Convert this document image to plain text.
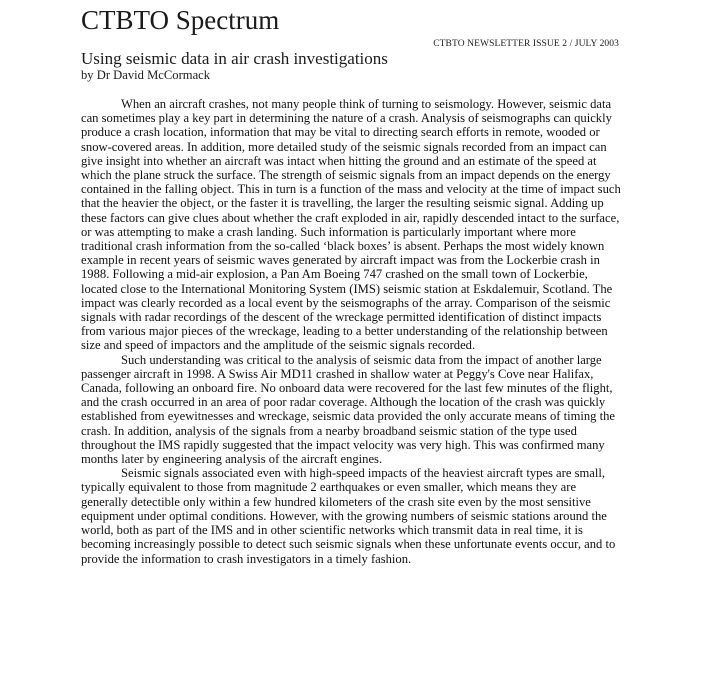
CTBTO Spectrum
CTBTO NEWSLETTER ISSUE 2 / JULY 2003
Using seismic data in air crash investigations
by Dr David McCormack

When an aircraft crashes, not many people think of turning to seismology. However, seismic data can sometimes play a key part in determining the nature of a crash. Analysis of seismographs can quickly produce a crash location, information that may be vital to directing search efforts in remote, wooded or snow-covered areas. In addition, more detailed study of the seismic signals recorded from an impact can give insight into whether an aircraft was intact when hitting the ground and an estimate of the speed at which the plane struck the surface. The strength of seismic signals from an impact depends on the energy contained in the falling object. This in turn is a function of the mass and velocity at the time of impact such that the heavier the object, or the faster it is travelling, the larger the resulting seismic signal. Adding up these factors can give clues about whether the craft exploded in air, rapidly descended intact to the surface, or was attempting to make a crash landing. Such information is particularly important where more traditional crash information from the so-called ‘black boxes’ is absent. Perhaps the most widely known example in recent years of seismic waves generated by aircraft impact was from the Lockerbie crash in 1988. Following a mid-air explosion, a Pan Am Boeing 747 crashed on the small town of Lockerbie, located close to the International Monitoring System (IMS) seismic station at Eskdalemuir, Scotland. The impact was clearly recorded as a local event by the seismographs of the array. Comparison of the seismic signals with radar recordings of the descent of the wreckage permitted identification of distinct impacts from various major pieces of the wreckage, leading to a better understanding of the relationship between size and speed of impactors and the amplitude of the seismic signals recorded.

Such understanding was critical to the analysis of seismic data from the impact of another large passenger aircraft in 1998. A Swiss Air MD11 crashed in shallow water at Peggy's Cove near Halifax, Canada, following an onboard fire. No onboard data were recovered for the last few minutes of the flight, and the crash occurred in an area of poor radar coverage. Although the location of the crash was quickly established from eyewitnesses and wreckage, seismic data provided the only accurate means of timing the crash. In addition, analysis of the signals from a nearby broadband seismic station of the type used throughout the IMS rapidly suggested that the impact velocity was very high. This was confirmed many months later by engineering analysis of the aircraft engines.

Seismic signals associated even with high-speed impacts of the heaviest aircraft types are small, typically equivalent to those from magnitude 2 earthquakes or even smaller, which means they are generally detectible only within a few hundred kilometers of the crash site even by the most sensitive equipment under optimal conditions. However, with the growing numbers of seismic stations around the world, both as part of the IMS and in other scientific networks which transmit data in real time, it is becoming increasingly possible to detect such seismic signals when these unfortunate events occur, and to provide the information to crash investigators in a timely fashion.
